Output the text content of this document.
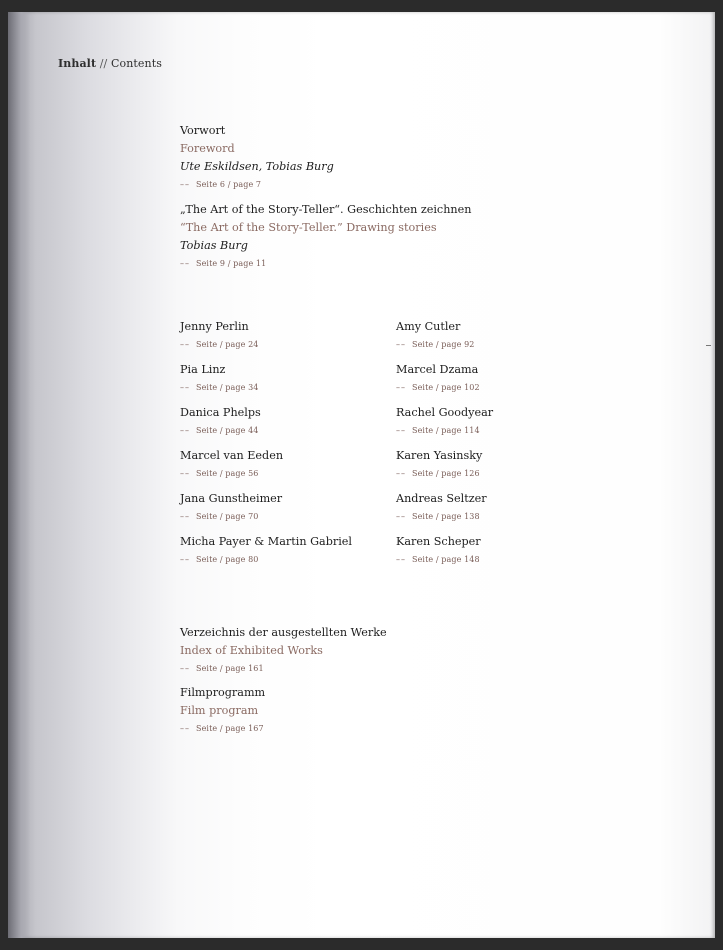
Inhalt // Contents
Vorwort
Foreword
Ute Eskildsen, Tobias Burg
–– Seite 6 / page 7
„The Art of the Story-Teller“. Geschichten zeichnen
“The Art of the Story-Teller.” Drawing stories
Tobias Burg
–– Seite 9 / page 11
Jenny Perlin
–– Seite / page 24
Pia Linz
–– Seite / page 34
Danica Phelps
–– Seite / page 44
Marcel van Eeden
–– Seite / page 56
Jana Gunstheimer
–– Seite / page 70
Micha Payer & Martin Gabriel
–– Seite / page 80
Amy Cutler
–– Seite / page 92
Marcel Dzama
–– Seite / page 102
Rachel Goodyear
–– Seite / page 114
Karen Yasinsky
–– Seite / page 126
Andreas Seltzer
–– Seite / page 138
Karen Scheper
–– Seite / page 148
Verzeichnis der ausgestellten Werke
Index of Exhibited Works
–– Seite / page 161
Filmprogramm
Film program
–– Seite / page 167
